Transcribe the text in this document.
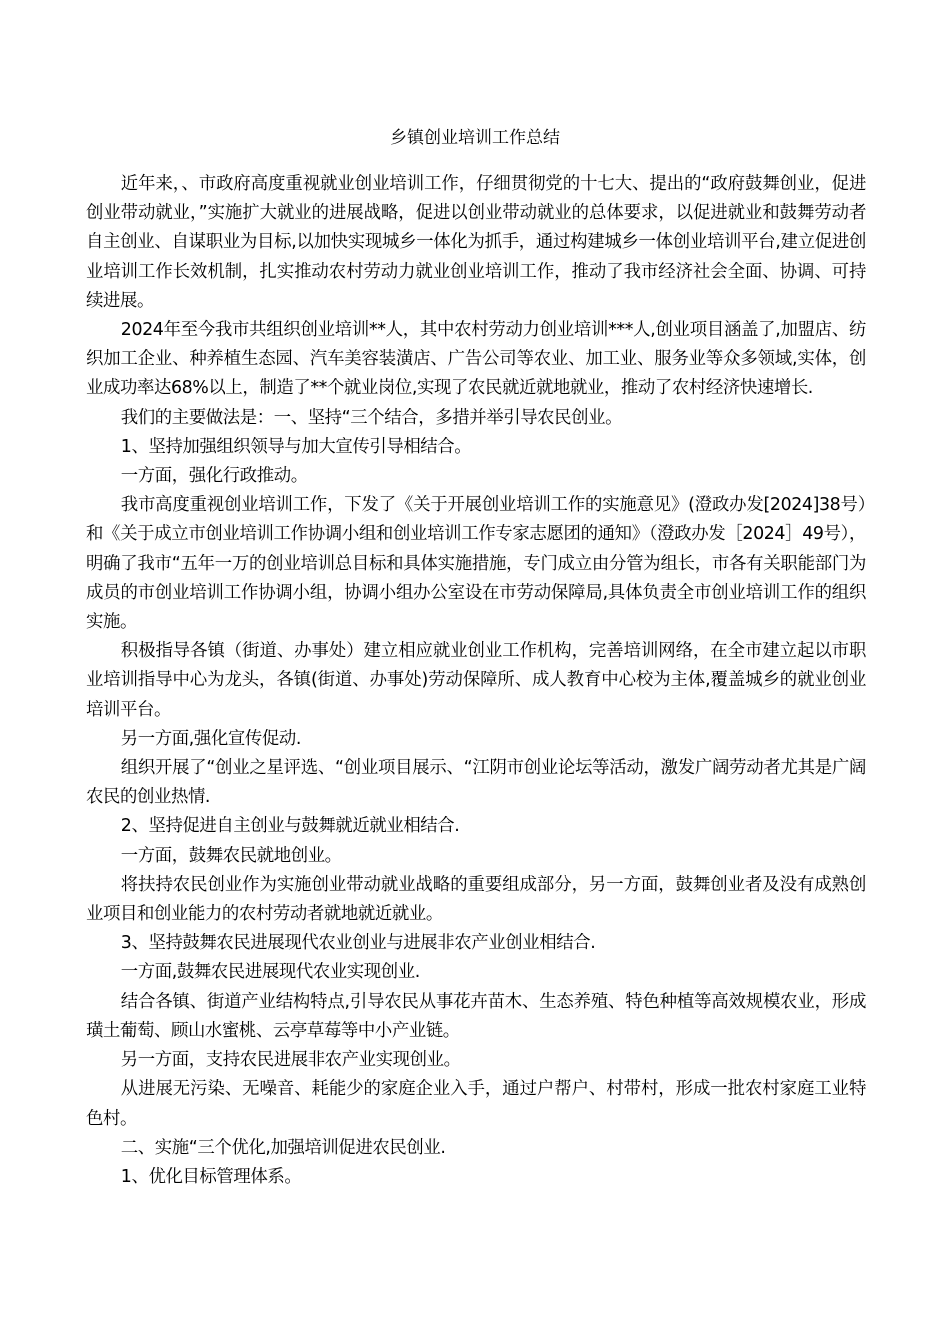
乡镇创业培训工作总结

近年来，、市政府高度重视就业创业培训工作，仔细贯彻党的十七大、提出的“政府鼓舞创业，促进创业带动就业，”实施扩大就业的进展战略，促进以创业带动就业的总体要求，以促进就业和鼓舞劳动者自主创业、自谋职业为目标,以加快实现城乡一体化为抓手，通过构建城乡一体创业培训平台,建立促进创业培训工作长效机制，扎实推动农村劳动力就业创业培训工作，推动了我市经济社会全面、协调、可持续进展。

2024年至今我市共组织创业培训**人，其中农村劳动力创业培训***人,创业项目涵盖了,加盟店、纺织加工企业、种养植生态园、汽车美容装潢店、广告公司等农业、加工业、服务业等众多领域,实体，创业成功率达68%以上，制造了**个就业岗位,实现了农民就近就地就业，推动了农村经济快速增长.

我们的主要做法是：一、坚持“三个结合，多措并举引导农民创业。

1、坚持加强组织领导与加大宣传引导相结合。

一方面，强化行政推动。

我市高度重视创业培训工作，下发了《关于开展创业培训工作的实施意见》(澄政办发[2024]38号）和《关于成立市创业培训工作协调小组和创业培训工作专家志愿团的通知》（澄政办发［2024］49号），明确了我市“五年一万的创业培训总目标和具体实施措施，专门成立由分管为组长，市各有关职能部门为成员的市创业培训工作协调小组，协调小组办公室设在市劳动保障局,具体负责全市创业培训工作的组织实施。

积极指导各镇（街道、办事处）建立相应就业创业工作机构，完善培训网络，在全市建立起以市职业培训指导中心为龙头，各镇(街道、办事处)劳动保障所、成人教育中心校为主体,覆盖城乡的就业创业培训平台。

另一方面,强化宣传促动.

组织开展了“创业之星评选、“创业项目展示、“江阴市创业论坛等活动，激发广阔劳动者尤其是广阔农民的创业热情.

2、坚持促进自主创业与鼓舞就近就业相结合.

一方面，鼓舞农民就地创业。

将扶持农民创业作为实施创业带动就业战略的重要组成部分，另一方面，鼓舞创业者及没有成熟创业项目和创业能力的农村劳动者就地就近就业。

3、坚持鼓舞农民进展现代农业创业与进展非农产业创业相结合.

一方面,鼓舞农民进展现代农业实现创业.

结合各镇、街道产业结构特点,引导农民从事花卉苗木、生态养殖、特色种植等高效规模农业，形成璜土葡萄、顾山水蜜桃、云亭草莓等中小产业链。

另一方面，支持农民进展非农产业实现创业。

从进展无污染、无噪音、耗能少的家庭企业入手，通过户帮户、村带村，形成一批农村家庭工业特色村。

二、实施“三个优化,加强培训促进农民创业.

1、优化目标管理体系。
